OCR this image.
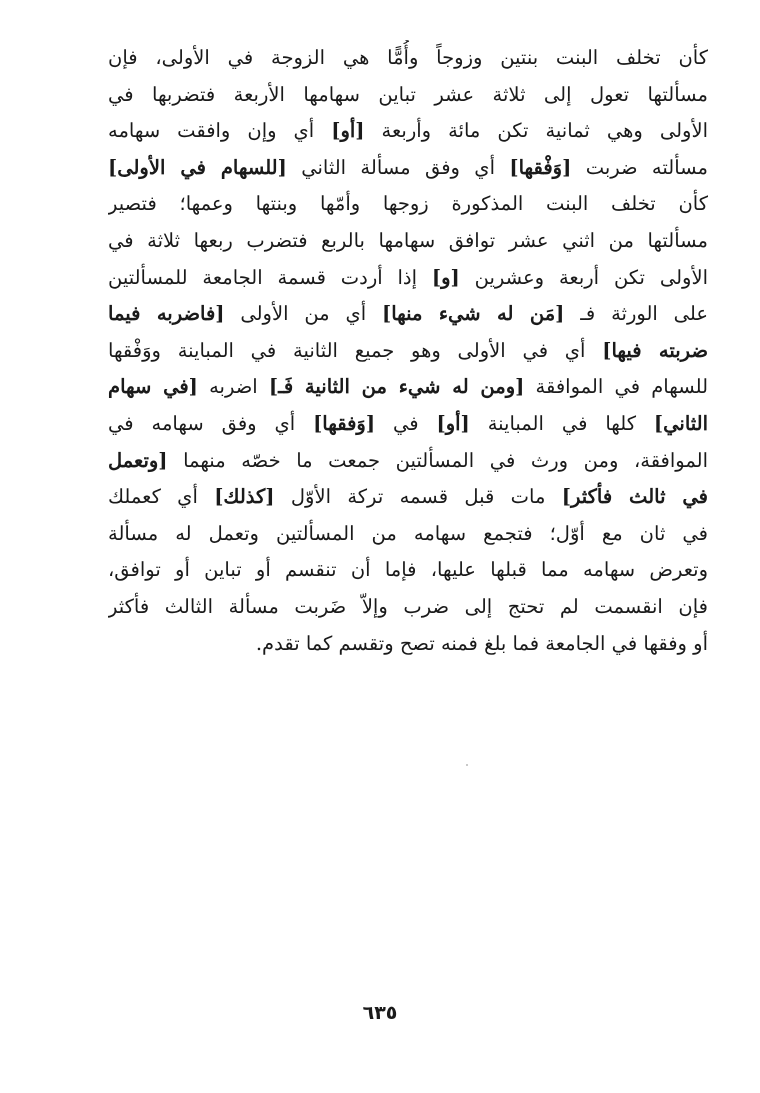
كأن تخلف البنت بنتين وزوجاً وأُمًّا هي الزوجة في الأولى، فإن
مسألتها تعول إلى ثلاثة عشر تباين سهامها الأربعة فتضربها في
الأولى وهي ثمانية تكن مائة وأربعة [أو] أي وإن وافقت سهامه
مسألته ضربت [وَفْقها] أي وفق مسألة الثاني [للسهام في الأولى]
كأن تخلف البنت المذكورة زوجها وأمّها وبنتها وعمها؛ فتصير
مسألتها من اثني عشر توافق سهامها بالربع فتضرب ربعها ثلاثة في
الأولى تكن أربعة وعشرين [و] إذا أردت قسمة الجامعة للمسألتين
على الورثة فـ [مَن له شيء منها] أي من الأولى [فاضربه فيما
ضربته فيها] أي في الأولى وهو جميع الثانية في المباينة ووَفْقها
للسهام في الموافقة [ومن له شيء من الثانية فَـ] اضربه [في سهام
الثاني] كلها في المباينة [أو] في [وَفقها] أي وفق سهامه في
الموافقة، ومن ورث في المسألتين جمعت ما خصّه منهما [وتعمل
في ثالث فأكثر] مات قبل قسمه تركة الأوّل [كذلك] أي كعملك
في ثان مع أوّل؛ فتجمع سهامه من المسألتين وتعمل له مسألة
وتعرض سهامه مما قبلها عليها، فإما أن تنقسم أو تباين أو توافق،
فإن انقسمت لم تحتج إلى ضرب وإلاّ ضَربت مسألة الثالث فأكثر
أو وفقها في الجامعة فما بلغ فمنه تصح وتقسم كما تقدم.
٦٣٥
